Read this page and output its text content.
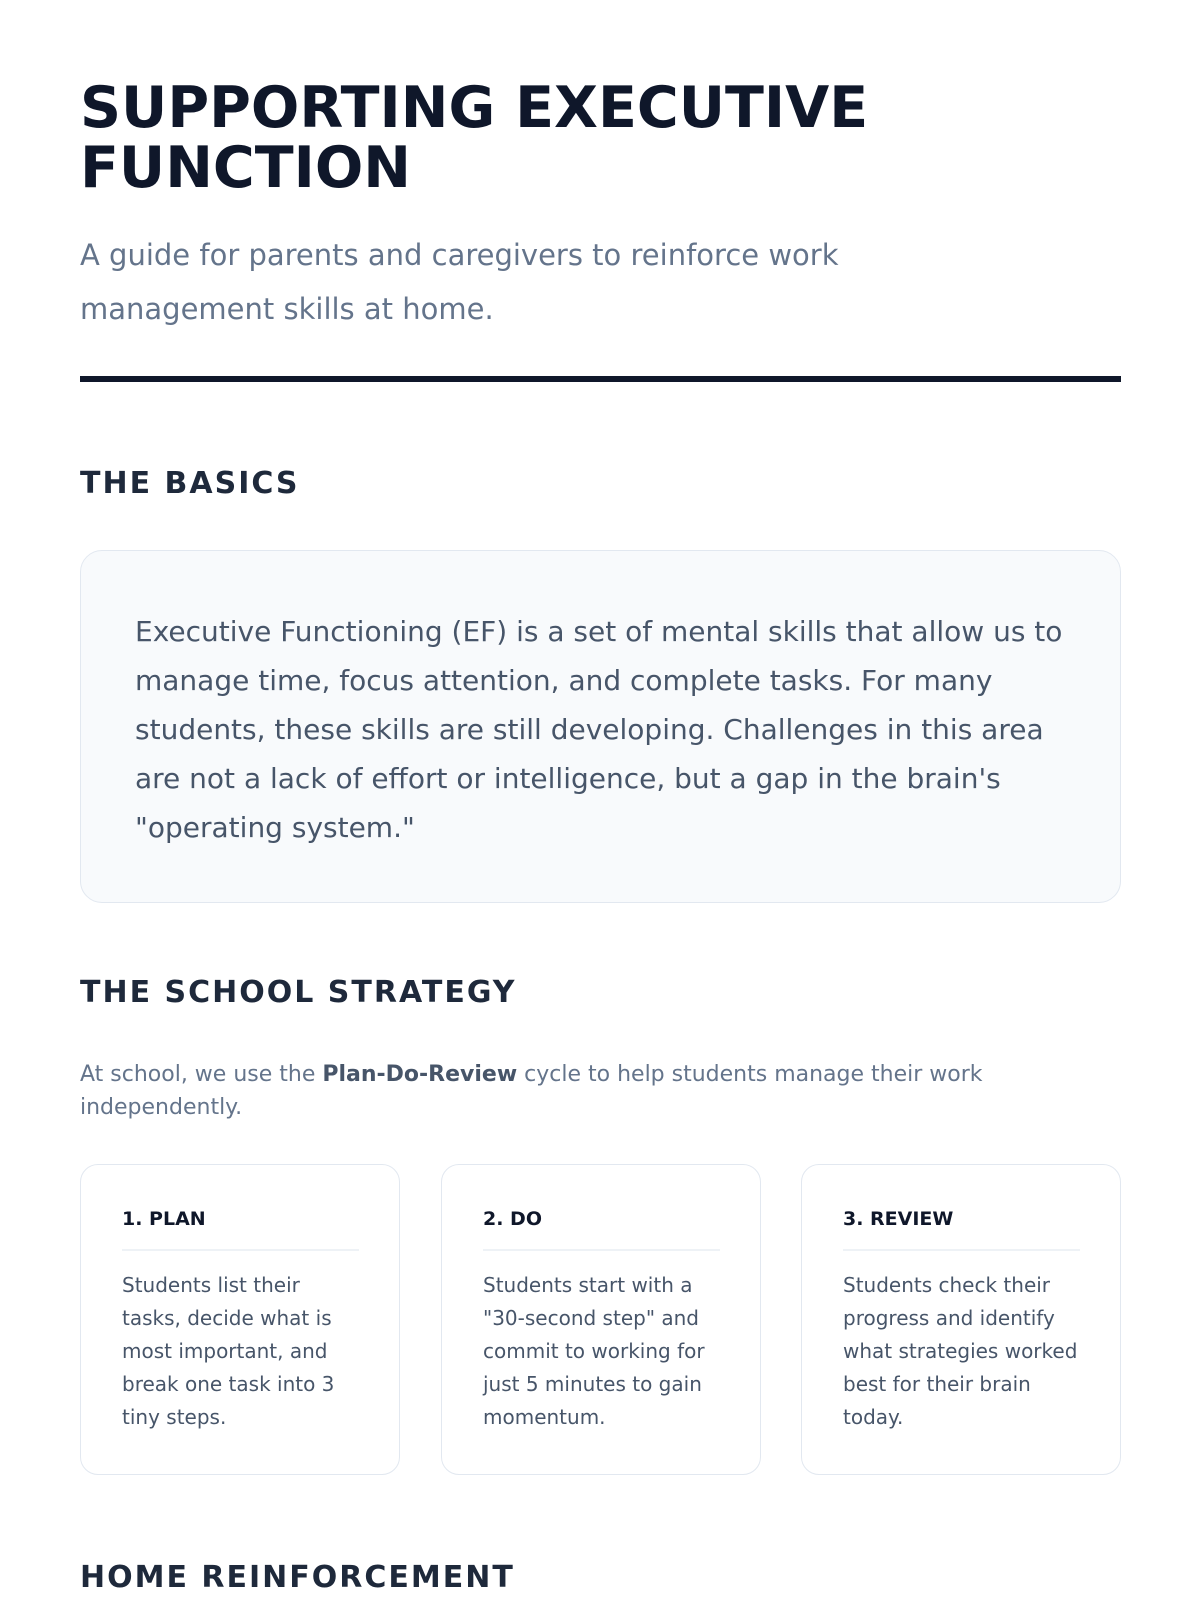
SUPPORTING EXECUTIVE FUNCTION

A guide for parents and caregivers to reinforce work management skills at home.

THE BASICS

Executive Functioning (EF) is a set of mental skills that allow us to manage time, focus attention, and complete tasks. For many students, these skills are still developing. Challenges in this area are not a lack of effort or intelligence, but a gap in the brain's "operating system."

THE SCHOOL STRATEGY

At school, we use the Plan-Do-Review cycle to help students manage their work independently.

1. PLAN

Students list their tasks, decide what is most important, and break one task into 3 tiny steps.

2. DO

Students start with a "30-second step" and commit to working for just 5 minutes to gain momentum.

3. REVIEW

Students check their progress and identify what strategies worked best for their brain today.

HOME REINFORCEMENT
